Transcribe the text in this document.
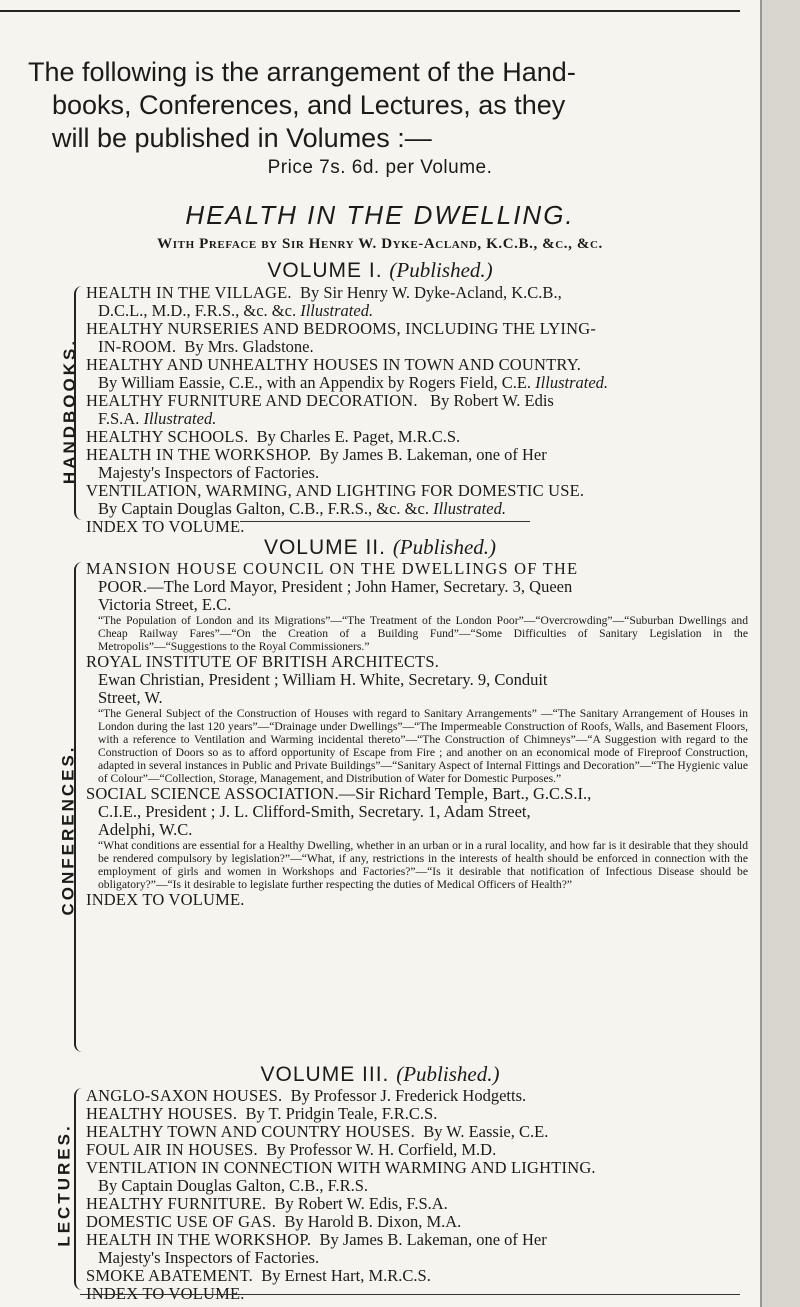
The following is the arrangement of the Hand-
books, Conferences, and Lectures, as they
will be published in Volumes :—
Price 7s. 6d. per Volume.
HEALTH IN THE DWELLING.
With Preface by Sir Henry W. Dyke-Acland, K.C.B., &c., &c.
VOLUME I. (Published.)
HANDBOOKS.
HEALTH IN THE VILLAGE. By Sir Henry W. Dyke-Acland, K.C.B.,
D.C.L., M.D., F.R.S., &c. &c. Illustrated.
HEALTHY NURSERIES AND BEDROOMS, INCLUDING THE LYING-
IN-ROOM. By Mrs. Gladstone.
HEALTHY AND UNHEALTHY HOUSES IN TOWN AND COUNTRY.
By William Eassie, C.E., with an Appendix by Rogers Field, C.E. Illustrated.
HEALTHY FURNITURE AND DECORATION. By Robert W. Edis
F.S.A. Illustrated.
HEALTHY SCHOOLS. By Charles E. Paget, M.R.C.S.
HEALTH IN THE WORKSHOP. By James B. Lakeman, one of Her
Majesty's Inspectors of Factories.
VENTILATION, WARMING, AND LIGHTING FOR DOMESTIC USE.
By Captain Douglas Galton, C.B., F.R.S., &c. &c. Illustrated.
INDEX TO VOLUME.
VOLUME II. (Published.)
CONFERENCES.
MANSION HOUSE COUNCIL ON THE DWELLINGS OF THE
POOR.—The Lord Mayor, President ; John Hamer, Secretary. 3, Queen
Victoria Street, E.C.
“The Population of London and its Migrations”—“The Treatment of the London Poor”—“Overcrowding”—“Suburban Dwellings and Cheap Railway Fares”—“On the Creation of a Building Fund”—“Some Difficulties of Sanitary Legislation in the Metropolis”—“Suggestions to the Royal Commissioners.”
ROYAL INSTITUTE OF BRITISH ARCHITECTS.
Ewan Christian, President ; William H. White, Secretary. 9, Conduit
Street, W.
“The General Subject of the Construction of Houses with regard to Sanitary Arrangements” —“The Sanitary Arrangement of Houses in London during the last 120 years”—“Drainage under Dwellings”—“The Impermeable Construction of Roofs, Walls, and Basement Floors, with a reference to Ventilation and Warming incidental thereto”—“The Construction of Chimneys”—“A Suggestion with regard to the Construction of Doors so as to afford opportunity of Escape from Fire ; and another on an economical mode of Fireproof Construction, adapted in several instances in Public and Private Buildings”—“Sanitary Aspect of Internal Fittings and Decoration”—“The Hygienic value of Colour”—“Collection, Storage, Management, and Distribution of Water for Domestic Purposes.”
SOCIAL SCIENCE ASSOCIATION.—Sir Richard Temple, Bart., G.C.S.I.,
C.I.E., President ; J. L. Clifford-Smith, Secretary. 1, Adam Street,
Adelphi, W.C.
“What conditions are essential for a Healthy Dwelling, whether in an urban or in a rural locality, and how far is it desirable that they should be rendered compulsory by legislation?”—“What, if any, restrictions in the interests of health should be enforced in connection with the employment of girls and women in Workshops and Factories?”—“Is it desirable that notification of Infectious Disease should be obligatory?”—“Is it desirable to legislate further respecting the duties of Medical Officers of Health?”
INDEX TO VOLUME.
VOLUME III. (Published.)
LECTURES.
ANGLO-SAXON HOUSES. By Professor J. Frederick Hodgetts.
HEALTHY HOUSES. By T. Pridgin Teale, F.R.C.S.
HEALTHY TOWN AND COUNTRY HOUSES. By W. Eassie, C.E.
FOUL AIR IN HOUSES. By Professor W. H. Corfield, M.D.
VENTILATION IN CONNECTION WITH WARMING AND LIGHTING.
By Captain Douglas Galton, C.B., F.R.S.
HEALTHY FURNITURE. By Robert W. Edis, F.S.A.
DOMESTIC USE OF GAS. By Harold B. Dixon, M.A.
HEALTH IN THE WORKSHOP. By James B. Lakeman, one of Her
Majesty's Inspectors of Factories.
SMOKE ABATEMENT. By Ernest Hart, M.R.C.S.
INDEX TO VOLUME.
